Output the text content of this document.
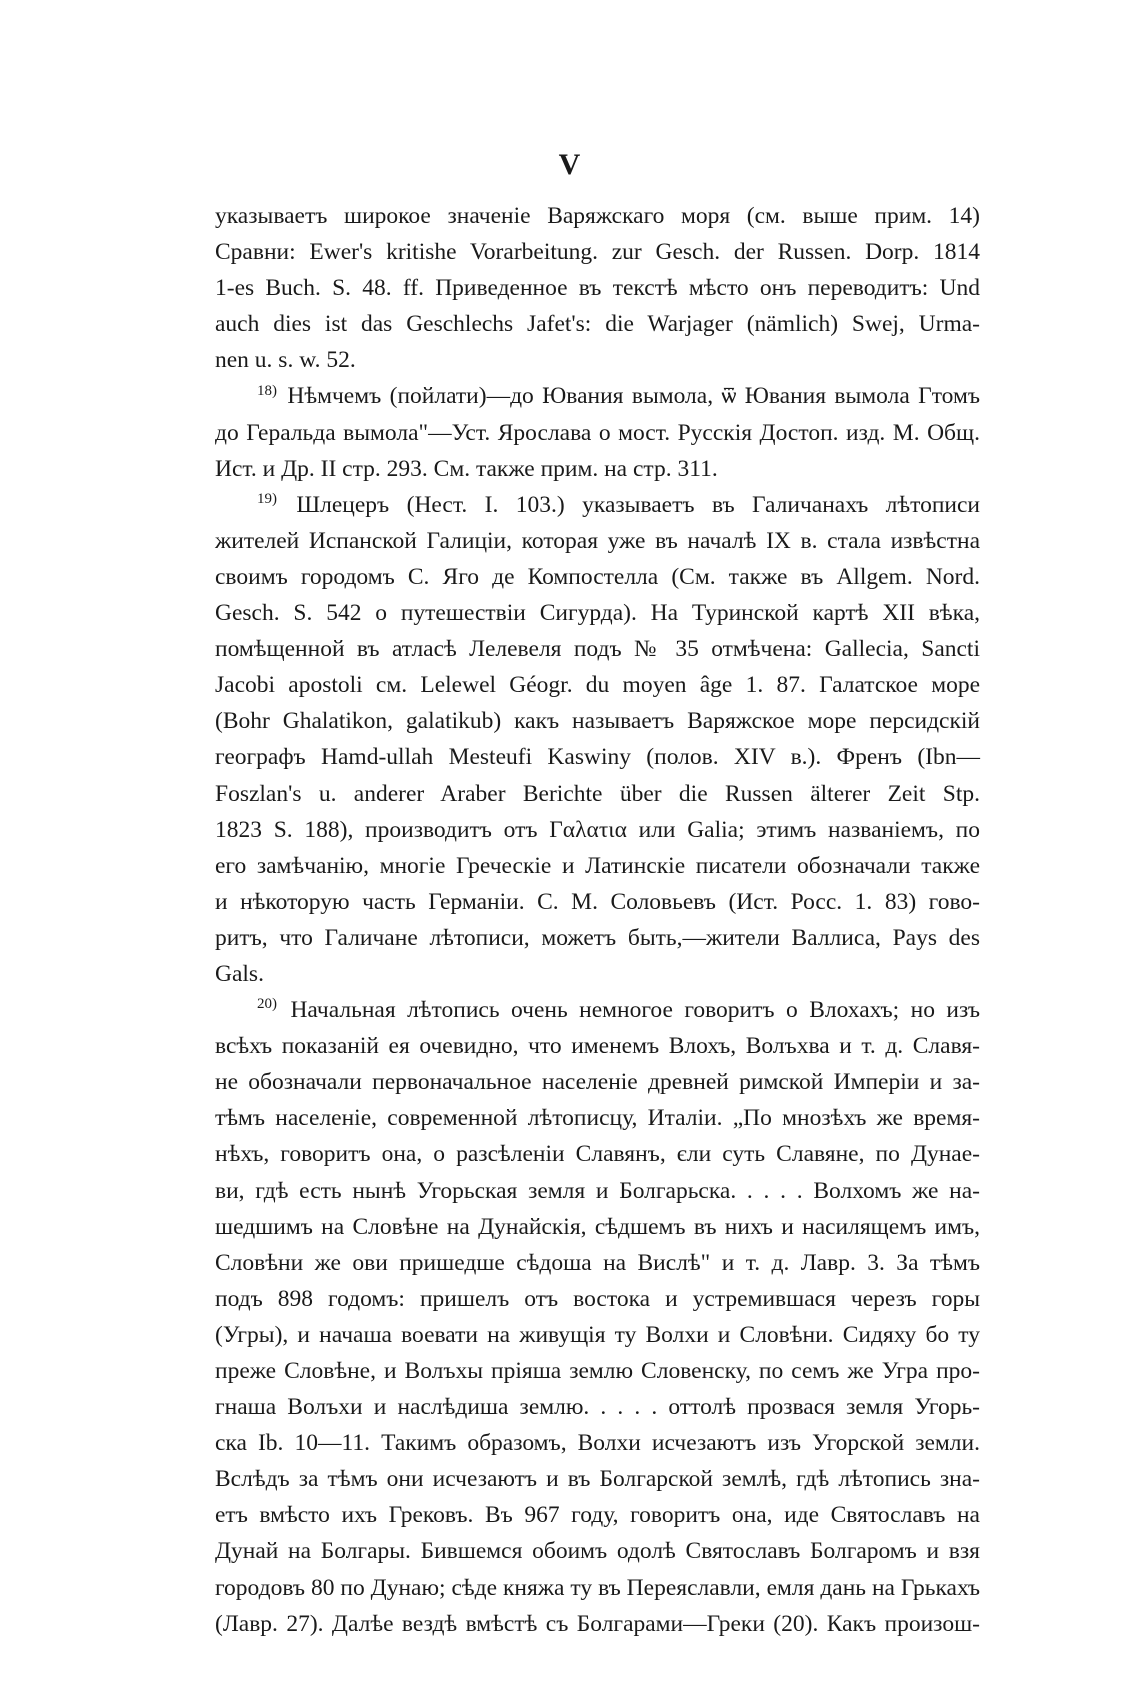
V

указываетъ широкое значеніе Варяжскаго моря (см. выше прим. 14)
Сравни: Ewer's kritishe Vorarbeitung. zur Gesch. der Russen. Dorp. 1814
1-es Buch. S. 48. ff. Приведенное въ текстѣ мѣсто онъ переводитъ: Und
auch dies ist das Geschlechs Jafet's: die Warjager (nämlich) Swej, Urma-
nen u. s. w. 52.

$^{18)}$ Нѣмчемъ (пойлати)—до Ювания вымола, ѿ Ювания вымола Гтомъ
до Геральда вымола"—Уст. Ярослава о мост. Русскія Достоп. изд. М. Общ.
Ист. и Др. II стр. 293. См. также прим. на стр. 311.

$^{19)}$ Шлецеръ (Нест. I. 103.) указываетъ въ Галичанахъ лѣтописи
жителей Испанской Галиціи, которая уже въ началѣ IX в. стала извѣстна
своимъ городомъ С. Яго де Компостелла (См. также въ Allgem. Nord.
Gesch. S. 542 о путешествіи Сигурда). На Туринской картѣ XII вѣка,
помѣщенной въ атласѣ Лелевеля подъ № 35 отмѣчена: Gallecia, Sancti
Jacobi apostoli см. Lelewel Géogr. du moyen âge 1. 87. Галатское море
(Bohr Ghalatikon, galatikub) какъ называетъ Варяжское море персидскій
географъ Hamd-ullah Mesteufi Kaswiny (полов. XIV в.). Френъ (Ibn—
Foszlan's u. anderer Araber Berichte über die Russen älterer Zeit Stp.
1823 S. 188), производитъ отъ Γαλατια или Galia; этимъ названіемъ, по
его замѣчанію, многіе Греческіе и Латинскіе писатели обозначали также
и нѣкоторую часть Германіи. С. М. Соловьевъ (Ист. Росс. 1. 83) гово-
ритъ, что Галичане лѣтописи, можетъ быть,—жители Валлиса, Pays des
Gals.

$^{20)}$ Начальная лѣтопись очень немногое говоритъ о Влохахъ; но изъ
всѣхъ показаній ея очевидно, что именемъ Влохъ, Волъхва и т. д. Славя-
не обозначали первоначальное населеніе древней римской Имперіи и за-
тѣмъ населеніе, современной лѣтописцу, Италіи. „По мнозѣхъ же время-
нѣхъ, говоритъ она, о разсѣленіи Славянъ, єли суть Славяне, по Дунае-
ви, гдѣ есть нынѣ Угорьская земля и Болгарьска. . . . . Волхомъ же на-
шедшимъ на Словѣне на Дунайскія, сѣдшемъ въ нихъ и насилящемъ имъ,
Словѣни же ови пришедше сѣдоша на Вислѣ" и т. д. Лавр. 3. За тѣмъ
подъ 898 годомъ: пришелъ отъ востока и устремившася черезъ горы
(Угры), и начаша воевати на живущія ту Волхи и Словѣни. Сидяху бо ту
преже Словѣне, и Волъхы пріяша землю Словенску, по семъ же Угра про-
гнаша Волъхи и наслѣдиша землю. . . . . оттолѣ прозвася земля Угорь-
ска Ib. 10—11. Такимъ образомъ, Волхи исчезаютъ изъ Угорской земли.
Вслѣдъ за тѣмъ они исчезаютъ и въ Болгарской землѣ, гдѣ лѣтопись зна-
етъ вмѣсто ихъ Грековъ. Въ 967 году, говоритъ она, иде Святославъ на
Дунай на Болгары. Бившемся обоимъ одолѣ Святославъ Болгаромъ и взя
городовъ 80 по Дунаю; сѣде княжа ту въ Переяславли, емля дань на Грькахъ
(Лавр. 27). Далѣе вездѣ вмѣстѣ съ Болгарами—Греки (20). Какъ произош-
